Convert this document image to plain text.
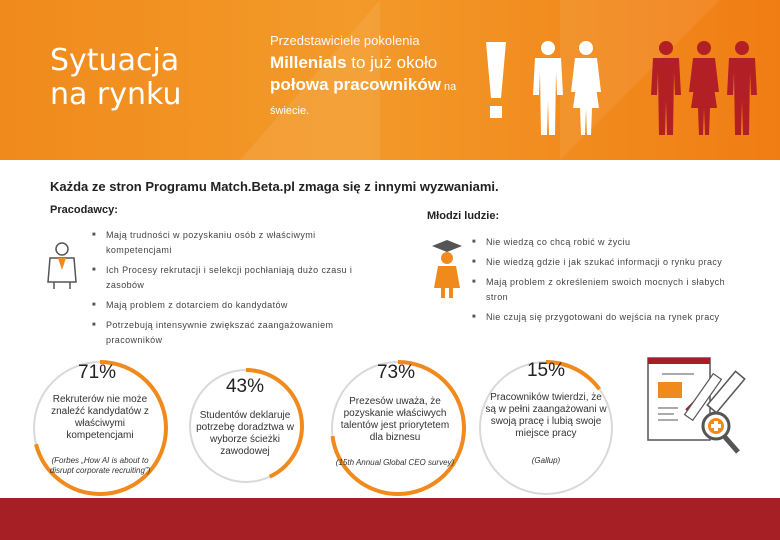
Sytuacja na rynku
Przedstawiciele pokolenia
Millenials to już około połowa pracowników na świecie.
Każda ze stron Programu Match.Beta.pl zmaga się z innymi wyzwaniami.
Pracodawcy:
■ Mają trudności w pozyskaniu osób z właściwymi kompetencjami
■ Ich Procesy rekrutacji i selekcji pochłaniają dużo czasu i zasobów
■ Mają problem z dotarciem do kandydatów
■ Potrzebują intensywnie zwiększać zaangażowaniem pracowników
Młodzi ludzie:
■ Nie wiedzą co chcą robić w życiu
■ Nie wiedzą gdzie i jak szukać informacji o rynku pracy
■ Mają problem z określeniem swoich mocnych i słabych stron
■ Nie czują się przygotowani do wejścia na rynek pracy
71%
Rekruterów nie może znaleźć kandydatów z właściwymi kompetencjami
(Forbes „How AI is about to disrupt corporate recruiting”)
43%
Studentów deklaruje potrzebę doradztwa w wyborze ścieżki zawodowej
73%
Prezesów uważa, że pozyskanie właściwych talentów jest priorytetem dla biznesu
(15th Annual Global CEO survey)
15%
Pracowników twierdzi, że są w pełni zaangażowani w swoją pracę i lubią swoje miejsce pracy
(Gallup)
